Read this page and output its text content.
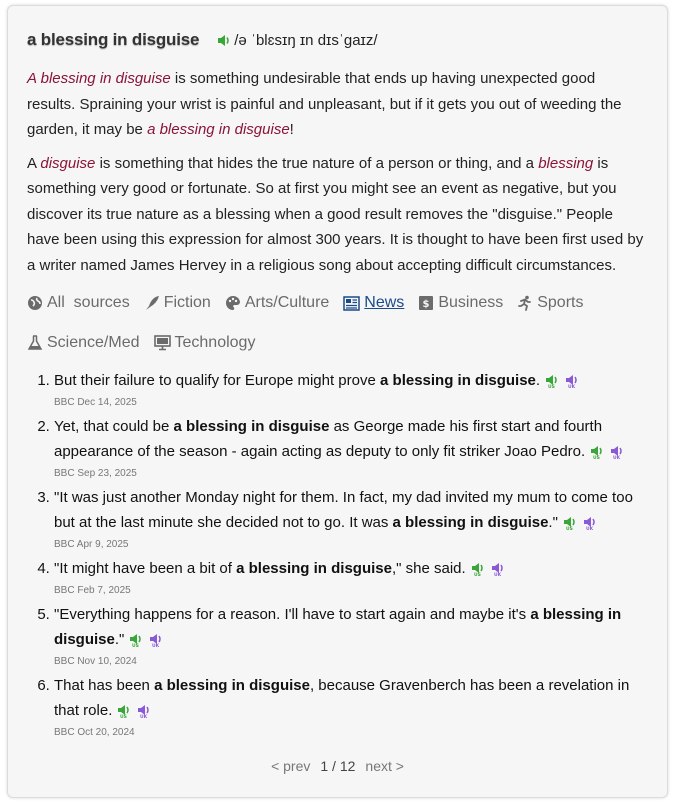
a blessing in disguise /ə ˈblɛsɪŋ ɪn dɪsˈgaɪz/

A blessing in disguise is something undesirable that ends up having unexpected good results. Spraining your wrist is painful and unpleasant, but if it gets you out of weeding the garden, it may be a blessing in disguise!

A disguise is something that hides the true nature of a person or thing, and a blessing is something very good or fortunate. So at first you might see an event as negative, but you discover its true nature as a blessing when a good result removes the "disguise." People have been using this expression for almost 300 years. It is thought to have been first used by a writer named James Hervey in a religious song about accepting difficult circumstances.

All  sources Fiction Arts/Culture News $ Business Sports
Science/Med Technology
1. But their failure to qualify for Europe might prove a blessing in disguise. US	UK
BBC Dec 14, 2025
2. Yet, that could be a blessing in disguise as George made his first start and fourth appearance of the season - again acting as deputy to only fit striker Joao Pedro. US	UK
BBC Sep 23, 2025
3. "It was just another Monday night for them. In fact, my dad invited my mum to come too but at the last minute she decided not to go. It was a blessing in disguise." US	UK
BBC Apr 9, 2025
4. "It might have been a bit of a blessing in disguise," she said. US	UK
BBC Feb 7, 2025
5. "Everything happens for a reason. I'll have to start again and maybe it's a blessing in disguise." US	UK
BBC Nov 10, 2024
6. That has been a blessing in disguise, because Gravenberch has been a revelation in that role. US	UK
BBC Oct 20, 2024
< prev 1 / 12 next >
